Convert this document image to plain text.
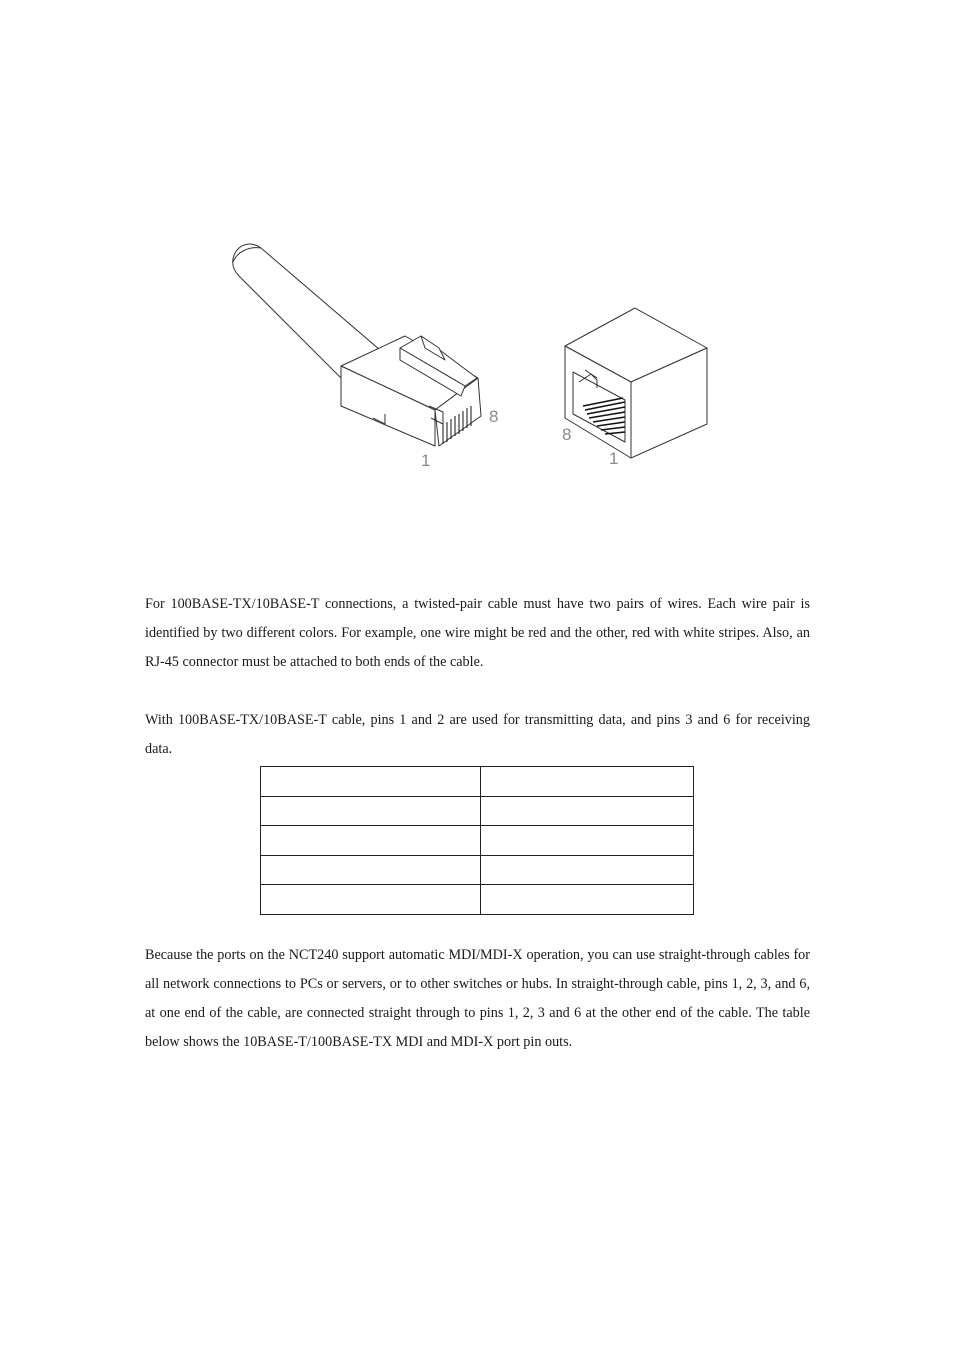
1
8
8
1

For 100BASE-TX/10BASE-T connections, a twisted-pair cable must have two pairs of wires. Each wire pair is identified by two different colors. For example, one wire might be red and the other, red with white stripes. Also, an RJ-45 connector must be attached to both ends of the cable.

With 100BASE-TX/10BASE-T cable, pins 1 and 2 are used for transmitting data, and pins 3 and 6 for receiving data.

Because the ports on the NCT240 support automatic MDI/MDI-X operation, you can use straight-through cables for all network connections to PCs or servers, or to other switches or hubs. In straight-through cable, pins 1, 2, 3, and 6, at one end of the cable, are connected straight through to pins 1, 2, 3 and 6 at the other end of the cable. The table below shows the 10BASE-T/100BASE-TX MDI and MDI-X port pin outs.
